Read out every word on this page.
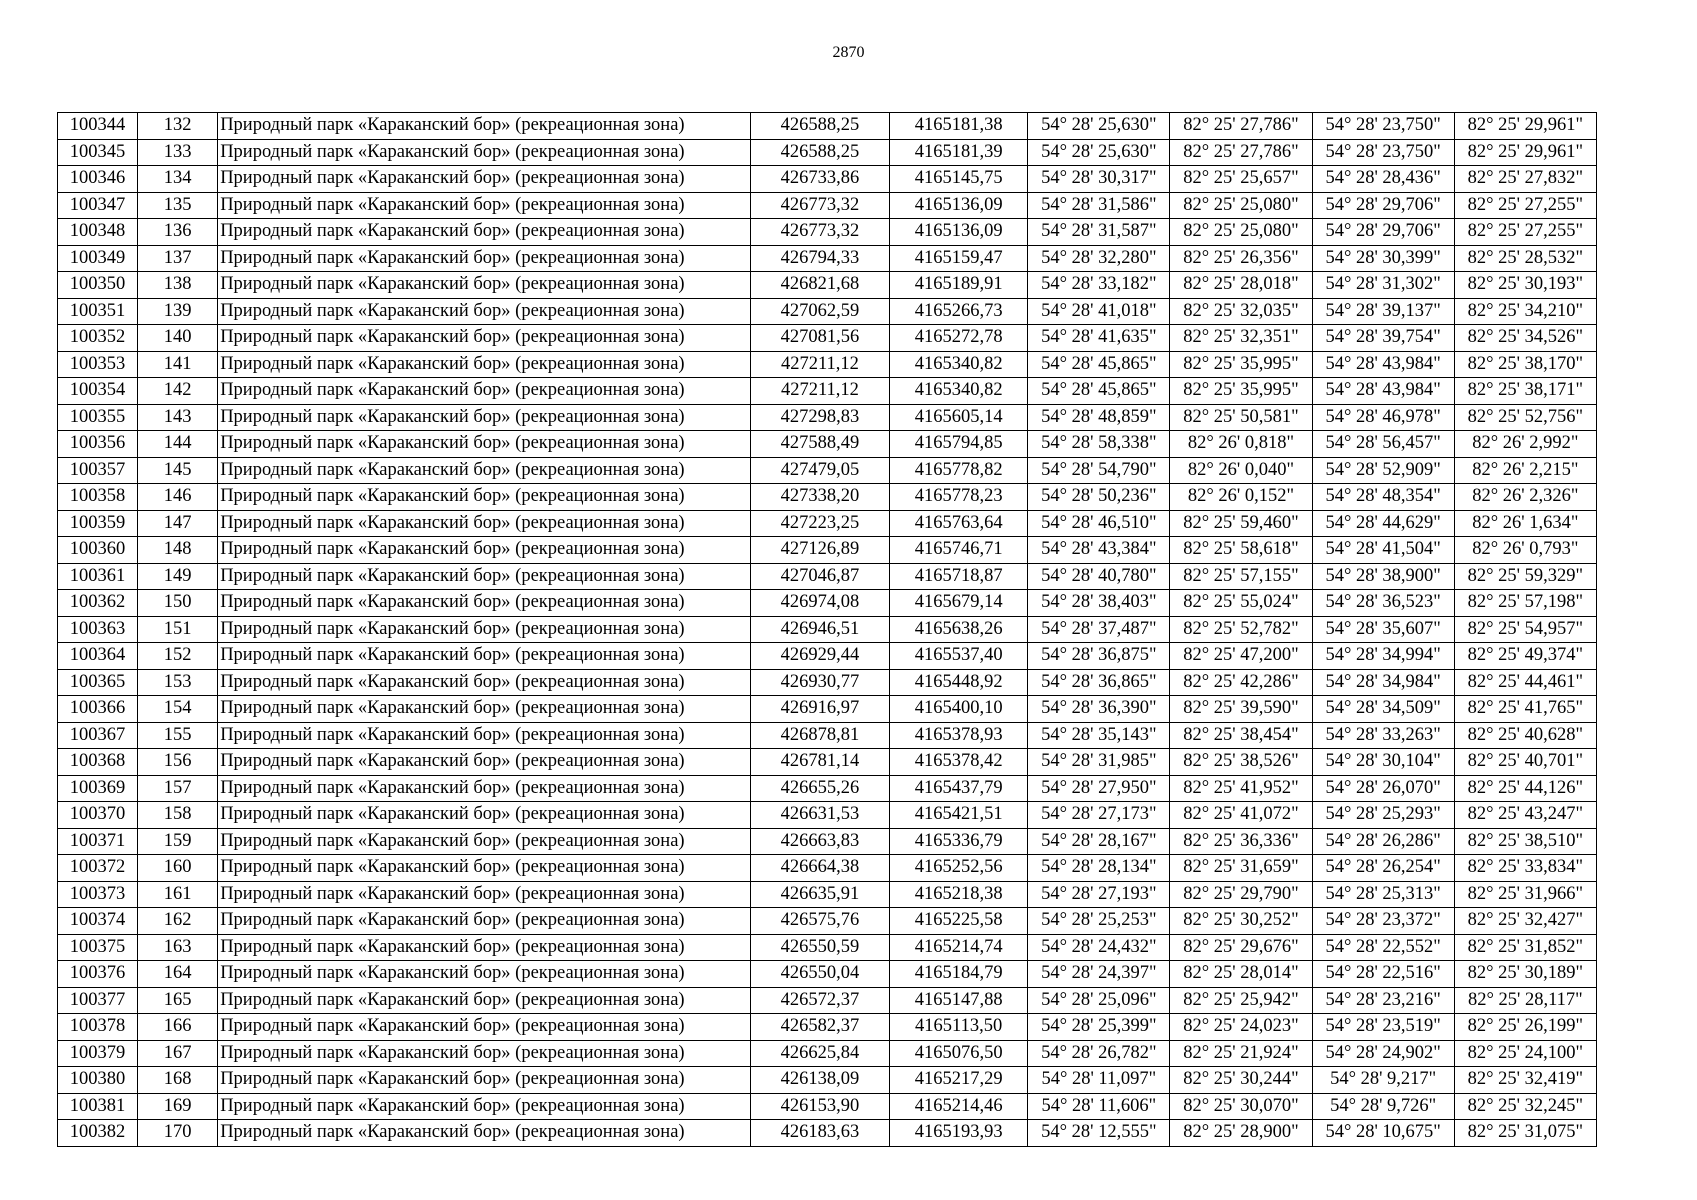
2870
100344	132	Природный парк «Караканский бор» (рекреационная зона)	426588,25	4165181,38	54° 28' 25,630"	82° 25' 27,786"	54° 28' 23,750"	82° 25' 29,961"
100345	133	Природный парк «Караканский бор» (рекреационная зона)	426588,25	4165181,39	54° 28' 25,630"	82° 25' 27,786"	54° 28' 23,750"	82° 25' 29,961"
100346	134	Природный парк «Караканский бор» (рекреационная зона)	426733,86	4165145,75	54° 28' 30,317"	82° 25' 25,657"	54° 28' 28,436"	82° 25' 27,832"
100347	135	Природный парк «Караканский бор» (рекреационная зона)	426773,32	4165136,09	54° 28' 31,586"	82° 25' 25,080"	54° 28' 29,706"	82° 25' 27,255"
100348	136	Природный парк «Караканский бор» (рекреационная зона)	426773,32	4165136,09	54° 28' 31,587"	82° 25' 25,080"	54° 28' 29,706"	82° 25' 27,255"
100349	137	Природный парк «Караканский бор» (рекреационная зона)	426794,33	4165159,47	54° 28' 32,280"	82° 25' 26,356"	54° 28' 30,399"	82° 25' 28,532"
100350	138	Природный парк «Караканский бор» (рекреационная зона)	426821,68	4165189,91	54° 28' 33,182"	82° 25' 28,018"	54° 28' 31,302"	82° 25' 30,193"
100351	139	Природный парк «Караканский бор» (рекреационная зона)	427062,59	4165266,73	54° 28' 41,018"	82° 25' 32,035"	54° 28' 39,137"	82° 25' 34,210"
100352	140	Природный парк «Караканский бор» (рекреационная зона)	427081,56	4165272,78	54° 28' 41,635"	82° 25' 32,351"	54° 28' 39,754"	82° 25' 34,526"
100353	141	Природный парк «Караканский бор» (рекреационная зона)	427211,12	4165340,82	54° 28' 45,865"	82° 25' 35,995"	54° 28' 43,984"	82° 25' 38,170"
100354	142	Природный парк «Караканский бор» (рекреационная зона)	427211,12	4165340,82	54° 28' 45,865"	82° 25' 35,995"	54° 28' 43,984"	82° 25' 38,171"
100355	143	Природный парк «Караканский бор» (рекреационная зона)	427298,83	4165605,14	54° 28' 48,859"	82° 25' 50,581"	54° 28' 46,978"	82° 25' 52,756"
100356	144	Природный парк «Караканский бор» (рекреационная зона)	427588,49	4165794,85	54° 28' 58,338"	82° 26' 0,818"	54° 28' 56,457"	82° 26' 2,992"
100357	145	Природный парк «Караканский бор» (рекреационная зона)	427479,05	4165778,82	54° 28' 54,790"	82° 26' 0,040"	54° 28' 52,909"	82° 26' 2,215"
100358	146	Природный парк «Караканский бор» (рекреационная зона)	427338,20	4165778,23	54° 28' 50,236"	82° 26' 0,152"	54° 28' 48,354"	82° 26' 2,326"
100359	147	Природный парк «Караканский бор» (рекреационная зона)	427223,25	4165763,64	54° 28' 46,510"	82° 25' 59,460"	54° 28' 44,629"	82° 26' 1,634"
100360	148	Природный парк «Караканский бор» (рекреационная зона)	427126,89	4165746,71	54° 28' 43,384"	82° 25' 58,618"	54° 28' 41,504"	82° 26' 0,793"
100361	149	Природный парк «Караканский бор» (рекреационная зона)	427046,87	4165718,87	54° 28' 40,780"	82° 25' 57,155"	54° 28' 38,900"	82° 25' 59,329"
100362	150	Природный парк «Караканский бор» (рекреационная зона)	426974,08	4165679,14	54° 28' 38,403"	82° 25' 55,024"	54° 28' 36,523"	82° 25' 57,198"
100363	151	Природный парк «Караканский бор» (рекреационная зона)	426946,51	4165638,26	54° 28' 37,487"	82° 25' 52,782"	54° 28' 35,607"	82° 25' 54,957"
100364	152	Природный парк «Караканский бор» (рекреационная зона)	426929,44	4165537,40	54° 28' 36,875"	82° 25' 47,200"	54° 28' 34,994"	82° 25' 49,374"
100365	153	Природный парк «Караканский бор» (рекреационная зона)	426930,77	4165448,92	54° 28' 36,865"	82° 25' 42,286"	54° 28' 34,984"	82° 25' 44,461"
100366	154	Природный парк «Караканский бор» (рекреационная зона)	426916,97	4165400,10	54° 28' 36,390"	82° 25' 39,590"	54° 28' 34,509"	82° 25' 41,765"
100367	155	Природный парк «Караканский бор» (рекреационная зона)	426878,81	4165378,93	54° 28' 35,143"	82° 25' 38,454"	54° 28' 33,263"	82° 25' 40,628"
100368	156	Природный парк «Караканский бор» (рекреационная зона)	426781,14	4165378,42	54° 28' 31,985"	82° 25' 38,526"	54° 28' 30,104"	82° 25' 40,701"
100369	157	Природный парк «Караканский бор» (рекреационная зона)	426655,26	4165437,79	54° 28' 27,950"	82° 25' 41,952"	54° 28' 26,070"	82° 25' 44,126"
100370	158	Природный парк «Караканский бор» (рекреационная зона)	426631,53	4165421,51	54° 28' 27,173"	82° 25' 41,072"	54° 28' 25,293"	82° 25' 43,247"
100371	159	Природный парк «Караканский бор» (рекреационная зона)	426663,83	4165336,79	54° 28' 28,167"	82° 25' 36,336"	54° 28' 26,286"	82° 25' 38,510"
100372	160	Природный парк «Караканский бор» (рекреационная зона)	426664,38	4165252,56	54° 28' 28,134"	82° 25' 31,659"	54° 28' 26,254"	82° 25' 33,834"
100373	161	Природный парк «Караканский бор» (рекреационная зона)	426635,91	4165218,38	54° 28' 27,193"	82° 25' 29,790"	54° 28' 25,313"	82° 25' 31,966"
100374	162	Природный парк «Караканский бор» (рекреационная зона)	426575,76	4165225,58	54° 28' 25,253"	82° 25' 30,252"	54° 28' 23,372"	82° 25' 32,427"
100375	163	Природный парк «Караканский бор» (рекреационная зона)	426550,59	4165214,74	54° 28' 24,432"	82° 25' 29,676"	54° 28' 22,552"	82° 25' 31,852"
100376	164	Природный парк «Караканский бор» (рекреационная зона)	426550,04	4165184,79	54° 28' 24,397"	82° 25' 28,014"	54° 28' 22,516"	82° 25' 30,189"
100377	165	Природный парк «Караканский бор» (рекреационная зона)	426572,37	4165147,88	54° 28' 25,096"	82° 25' 25,942"	54° 28' 23,216"	82° 25' 28,117"
100378	166	Природный парк «Караканский бор» (рекреационная зона)	426582,37	4165113,50	54° 28' 25,399"	82° 25' 24,023"	54° 28' 23,519"	82° 25' 26,199"
100379	167	Природный парк «Караканский бор» (рекреационная зона)	426625,84	4165076,50	54° 28' 26,782"	82° 25' 21,924"	54° 28' 24,902"	82° 25' 24,100"
100380	168	Природный парк «Караканский бор» (рекреационная зона)	426138,09	4165217,29	54° 28' 11,097"	82° 25' 30,244"	54° 28' 9,217"	82° 25' 32,419"
100381	169	Природный парк «Караканский бор» (рекреационная зона)	426153,90	4165214,46	54° 28' 11,606"	82° 25' 30,070"	54° 28' 9,726"	82° 25' 32,245"
100382	170	Природный парк «Караканский бор» (рекреационная зона)	426183,63	4165193,93	54° 28' 12,555"	82° 25' 28,900"	54° 28' 10,675"	82° 25' 31,075"
